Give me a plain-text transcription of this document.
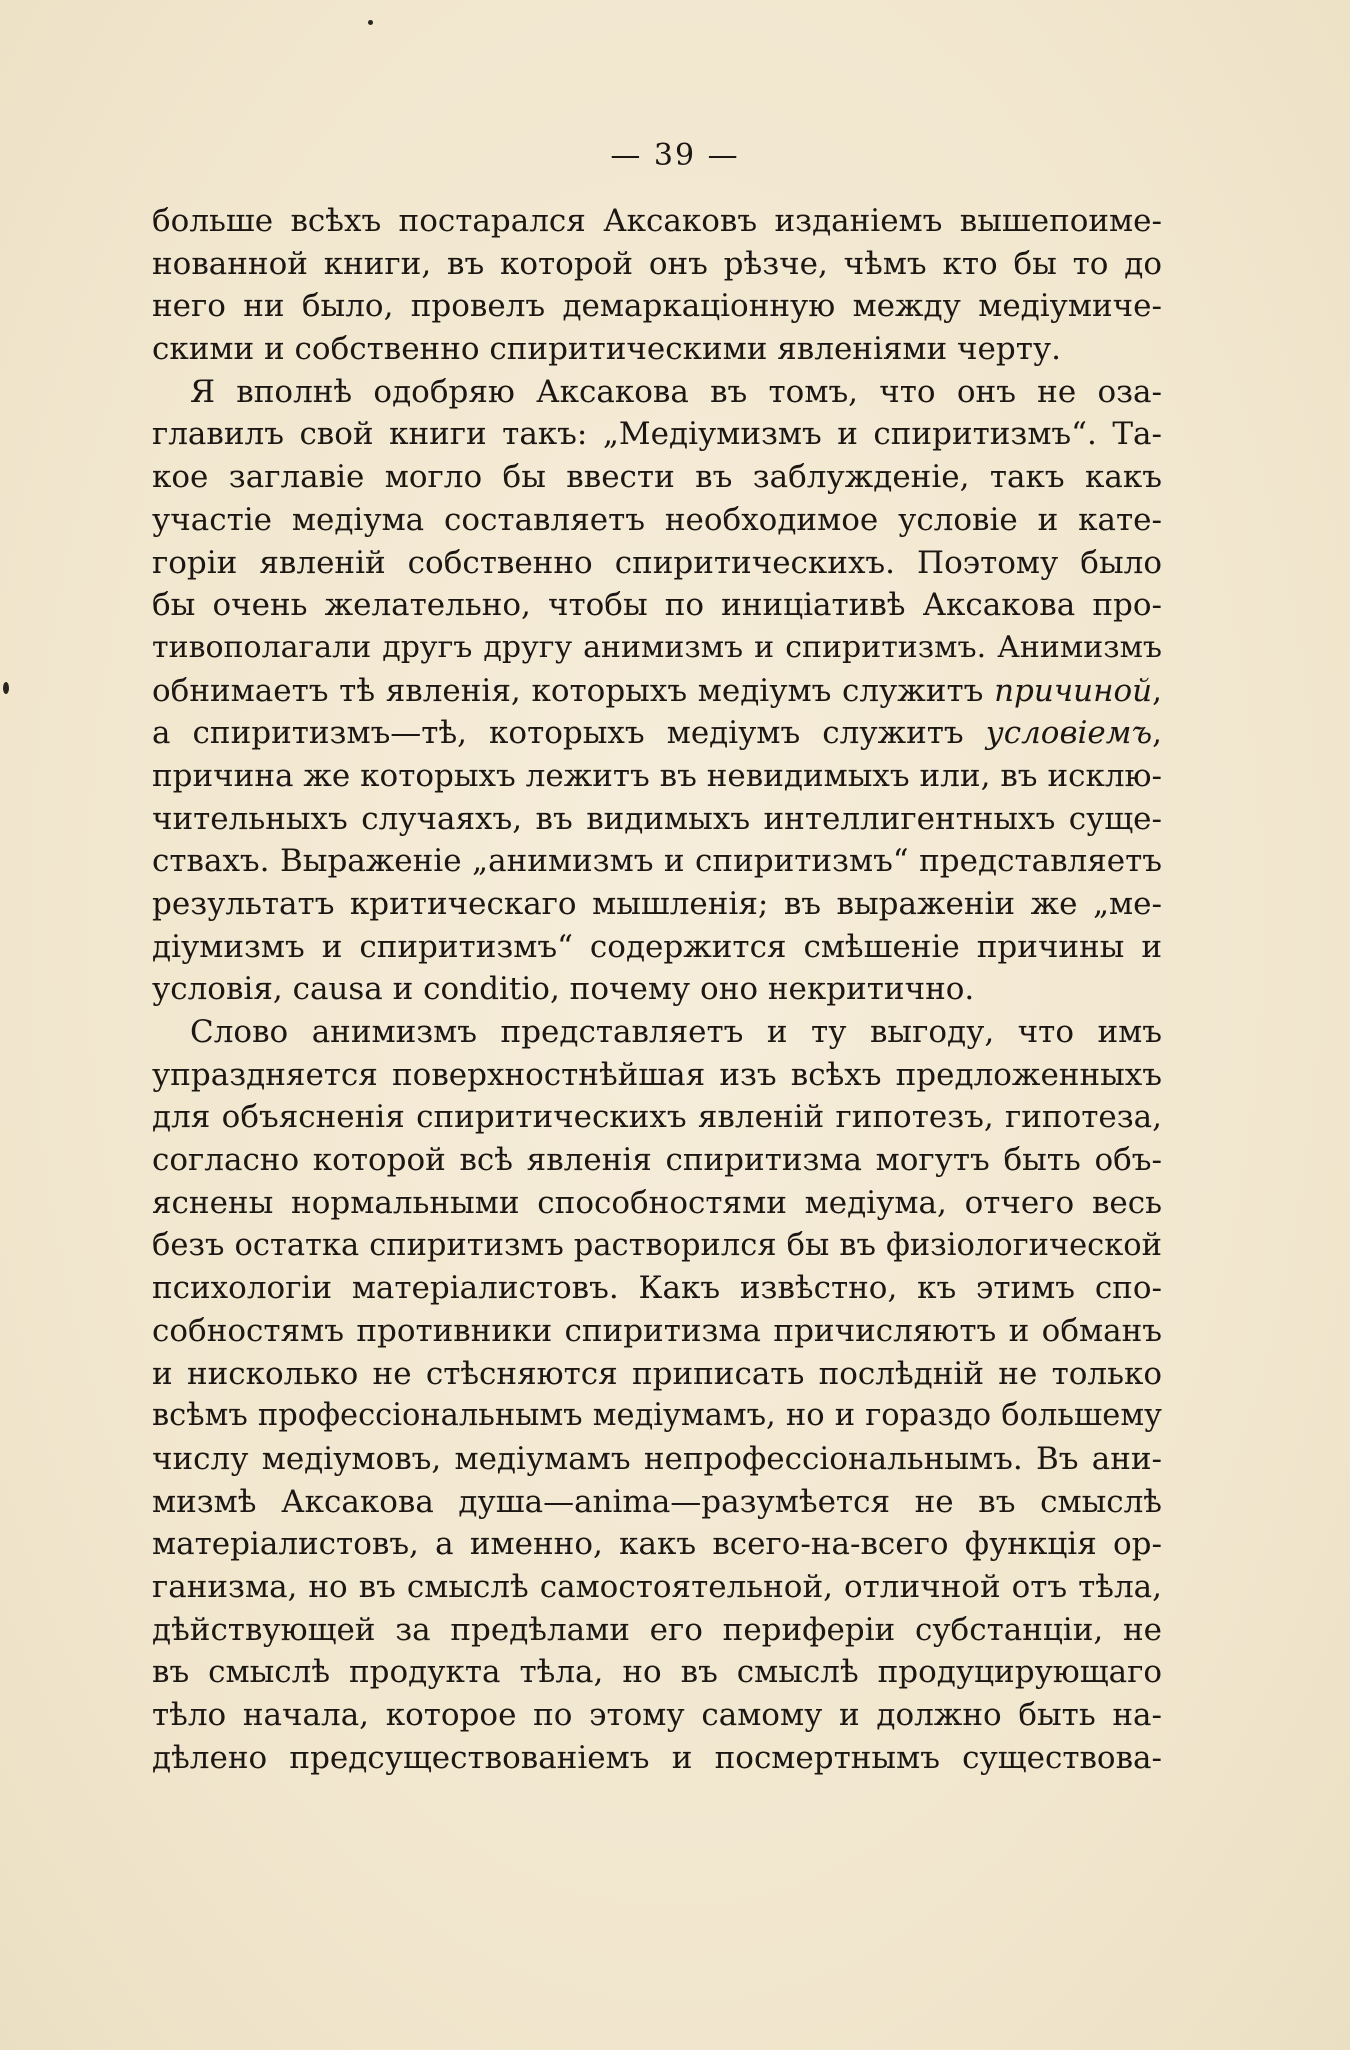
— 39 —
больше всѣхъ постарался Аксаковъ изданіемъ вышепоиме-
нованной книги, въ которой онъ рѣзче, чѣмъ кто бы то до
него ни было, провелъ демаркаціонную между медіумиче-
скими и собственно спиритическими явленіями черту.
Я вполнѣ одобряю Аксакова въ томъ, что онъ не оза-
главилъ свой книги такъ: „Медіумизмъ и спиритизмъ“. Та-
кое заглавіе могло бы ввести въ заблужденіе, такъ какъ
участіе медіума составляетъ необходимое условіе и кате-
горіи явленій собственно спиритическихъ. Поэтому было
бы очень желательно, чтобы по иниціативѣ Аксакова про-
тивополагали другъ другу анимизмъ и спиритизмъ. Анимизмъ
обнимаетъ тѣ явленія, которыхъ медіумъ служитъ причиной,
а спиритизмъ—тѣ, которыхъ медіумъ служитъ условіемъ,
причина же которыхъ лежитъ въ невидимыхъ или, въ исклю-
чительныхъ случаяхъ, въ видимыхъ интеллигентныхъ суще-
ствахъ. Выраженіе „анимизмъ и спиритизмъ“ представляетъ
результатъ критическаго мышленія; въ выраженіи же „ме-
діумизмъ и спиритизмъ“ содержится смѣшеніе причины и
условія, causa и conditio, почему оно некритично.
Слово анимизмъ представляетъ и ту выгоду, что имъ
упраздняется поверхностнѣйшая изъ всѣхъ предложенныхъ
для объясненія спиритическихъ явленій гипотезъ, гипотеза,
согласно которой всѣ явленія спиритизма могутъ быть объ-
яснены нормальными способностями медіума, отчего весь
безъ остатка спиритизмъ растворился бы въ физіологической
психологіи матеріалистовъ. Какъ извѣстно, къ этимъ спо-
собностямъ противники спиритизма причисляютъ и обманъ
и нисколько не стѣсняются приписать послѣдній не только
всѣмъ профессіональнымъ медіумамъ, но и гораздо большему
числу медіумовъ, медіумамъ непрофессіональнымъ. Въ ани-
мизмѣ Аксакова душа—anima—разумѣется не въ смыслѣ
матеріалистовъ, а именно, какъ всего-на-всего функція ор-
ганизма, но въ смыслѣ самостоятельной, отличной отъ тѣла,
дѣйствующей за предѣлами его периферіи субстанціи, не
въ смыслѣ продукта тѣла, но въ смыслѣ продуцирующаго
тѣло начала, которое по этому самому и должно быть на-
дѣлено предсуществованіемъ и посмертнымъ существова-
